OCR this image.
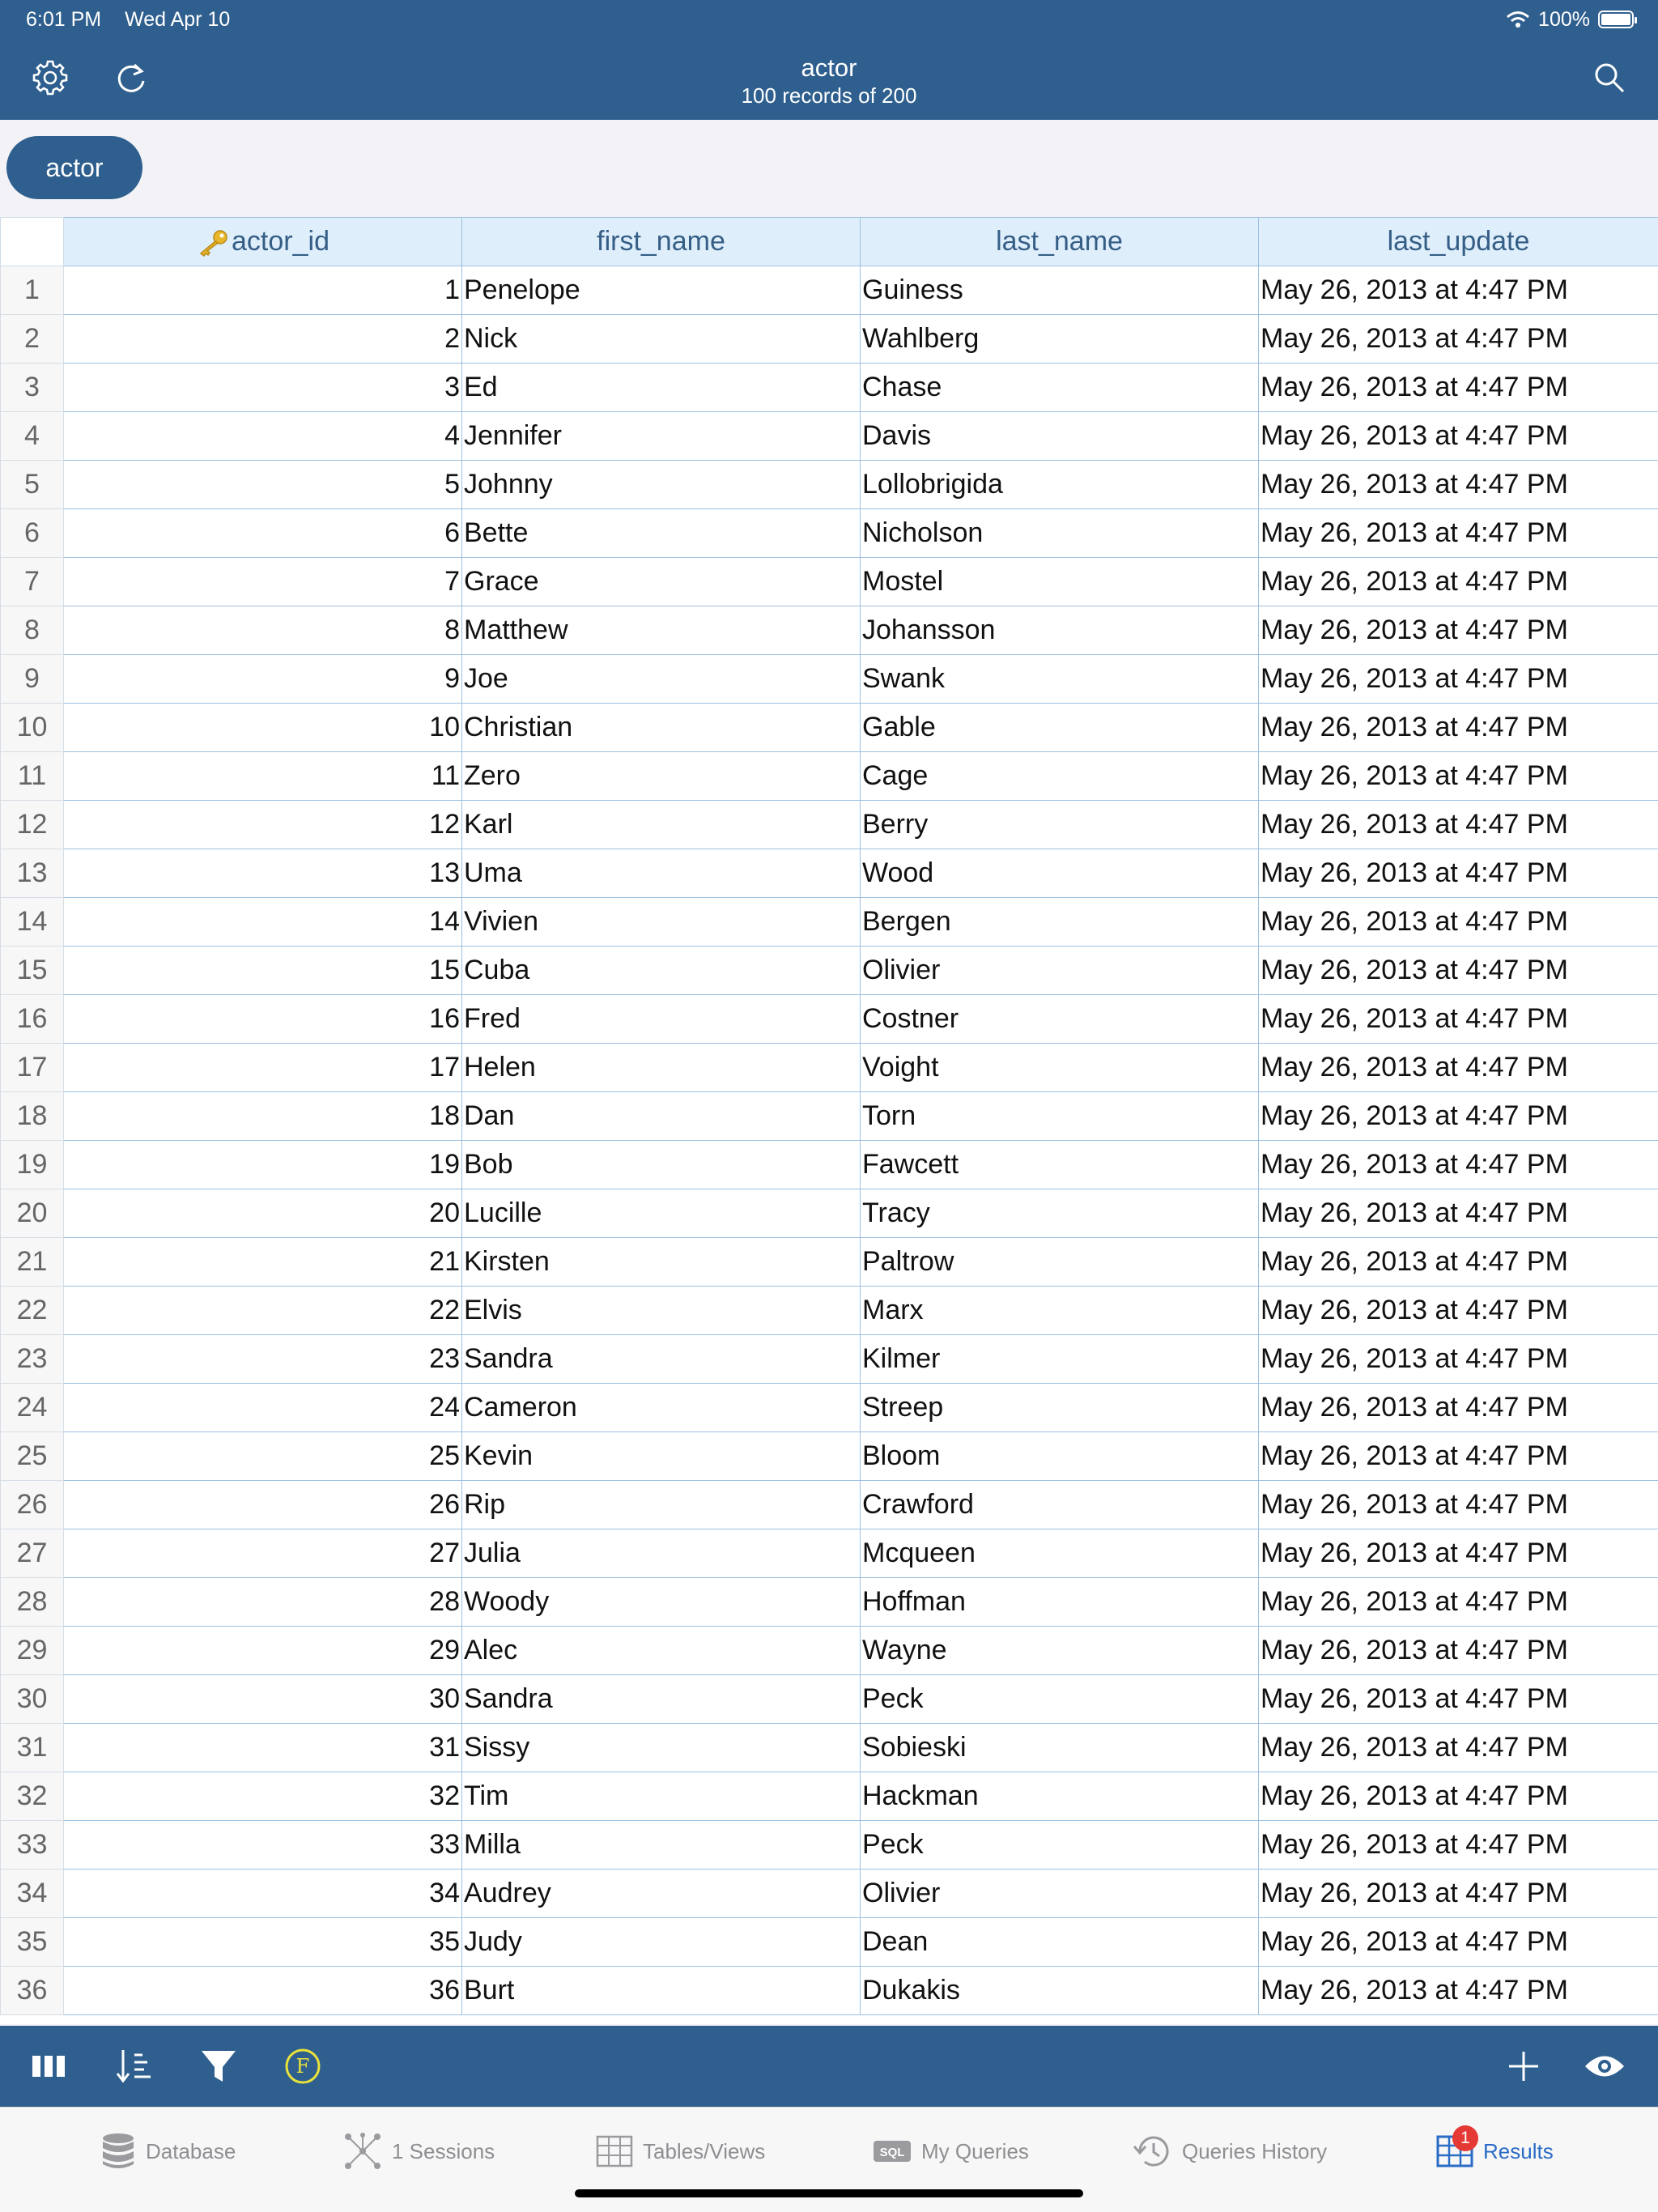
6:01 PM Wed Apr 10	100%
actor
100 records of 200
actor
	actor_id	first_name	last_name	last_update
1	1	Penelope	Guiness	May 26, 2013 at 4:47 PM
2	2	Nick	Wahlberg	May 26, 2013 at 4:47 PM
3	3	Ed	Chase	May 26, 2013 at 4:47 PM
4	4	Jennifer	Davis	May 26, 2013 at 4:47 PM
5	5	Johnny	Lollobrigida	May 26, 2013 at 4:47 PM
6	6	Bette	Nicholson	May 26, 2013 at 4:47 PM
7	7	Grace	Mostel	May 26, 2013 at 4:47 PM
8	8	Matthew	Johansson	May 26, 2013 at 4:47 PM
9	9	Joe	Swank	May 26, 2013 at 4:47 PM
10	10	Christian	Gable	May 26, 2013 at 4:47 PM
11	11	Zero	Cage	May 26, 2013 at 4:47 PM
12	12	Karl	Berry	May 26, 2013 at 4:47 PM
13	13	Uma	Wood	May 26, 2013 at 4:47 PM
14	14	Vivien	Bergen	May 26, 2013 at 4:47 PM
15	15	Cuba	Olivier	May 26, 2013 at 4:47 PM
16	16	Fred	Costner	May 26, 2013 at 4:47 PM
17	17	Helen	Voight	May 26, 2013 at 4:47 PM
18	18	Dan	Torn	May 26, 2013 at 4:47 PM
19	19	Bob	Fawcett	May 26, 2013 at 4:47 PM
20	20	Lucille	Tracy	May 26, 2013 at 4:47 PM
21	21	Kirsten	Paltrow	May 26, 2013 at 4:47 PM
22	22	Elvis	Marx	May 26, 2013 at 4:47 PM
23	23	Sandra	Kilmer	May 26, 2013 at 4:47 PM
24	24	Cameron	Streep	May 26, 2013 at 4:47 PM
25	25	Kevin	Bloom	May 26, 2013 at 4:47 PM
26	26	Rip	Crawford	May 26, 2013 at 4:47 PM
27	27	Julia	Mcqueen	May 26, 2013 at 4:47 PM
28	28	Woody	Hoffman	May 26, 2013 at 4:47 PM
29	29	Alec	Wayne	May 26, 2013 at 4:47 PM
30	30	Sandra	Peck	May 26, 2013 at 4:47 PM
31	31	Sissy	Sobieski	May 26, 2013 at 4:47 PM
32	32	Tim	Hackman	May 26, 2013 at 4:47 PM
33	33	Milla	Peck	May 26, 2013 at 4:47 PM
34	34	Audrey	Olivier	May 26, 2013 at 4:47 PM
35	35	Judy	Dean	May 26, 2013 at 4:47 PM
36	36	Burt	Dukakis	May 26, 2013 at 4:47 PM
F
Database	1 Sessions	Tables/Views	SQL My Queries	Queries History
1
Results
